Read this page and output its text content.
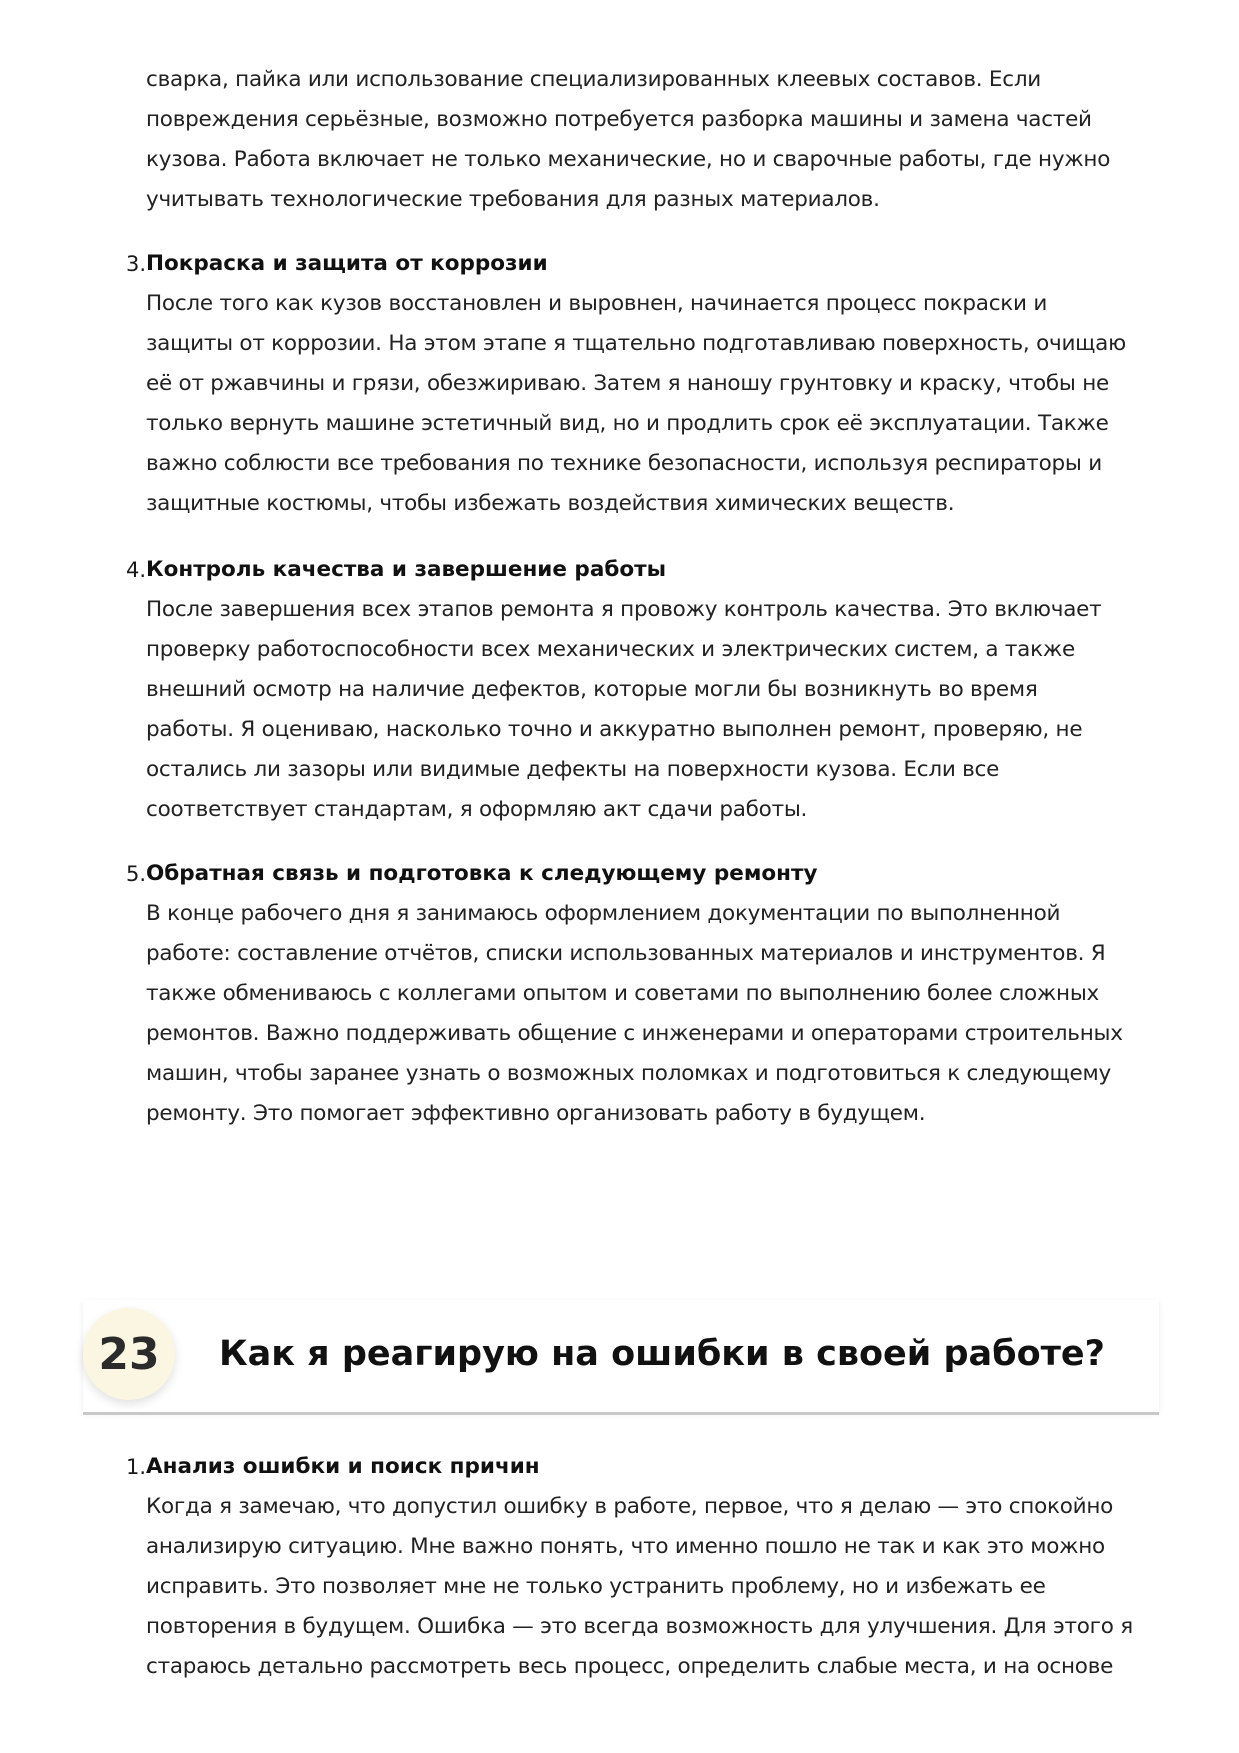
сварка, пайка или использование специализированных клеевых составов. Если
повреждения серьёзные, возможно потребуется разборка машины и замена частей
кузова. Работа включает не только механические, но и сварочные работы, где нужно
учитывать технологические требования для разных материалов.
3. Покраска и защита от коррозии

После того как кузов восстановлен и выровнен, начинается процесс покраски и
защиты от коррозии. На этом этапе я тщательно подготавливаю поверхность, очищаю
её от ржавчины и грязи, обезжириваю. Затем я наношу грунтовку и краску, чтобы не
только вернуть машине эстетичный вид, но и продлить срок её эксплуатации. Также
важно соблюсти все требования по технике безопасности, используя респираторы и
защитные костюмы, чтобы избежать воздействия химических веществ.

4. Контроль качества и завершение работы

После завершения всех этапов ремонта я провожу контроль качества. Это включает
проверку работоспособности всех механических и электрических систем, а также
внешний осмотр на наличие дефектов, которые могли бы возникнуть во время
работы. Я оцениваю, насколько точно и аккуратно выполнен ремонт, проверяю, не
остались ли зазоры или видимые дефекты на поверхности кузова. Если все
соответствует стандартам, я оформляю акт сдачи работы.

5. Обратная связь и подготовка к следующему ремонту

В конце рабочего дня я занимаюсь оформлением документации по выполненной
работе: составление отчётов, списки использованных материалов и инструментов. Я
также обмениваюсь с коллегами опытом и советами по выполнению более сложных
ремонтов. Важно поддерживать общение с инженерами и операторами строительных
машин, чтобы заранее узнать о возможных поломках и подготовиться к следующему
ремонту. Это помогает эффективно организовать работу в будущем.

23	Как я реагирую на ошибки в своей работе?
1. Анализ ошибки и поиск причин

Когда я замечаю, что допустил ошибку в работе, первое, что я делаю — это спокойно
анализирую ситуацию. Мне важно понять, что именно пошло не так и как это можно
исправить. Это позволяет мне не только устранить проблему, но и избежать ее
повторения в будущем. Ошибка — это всегда возможность для улучшения. Для этого я
стараюсь детально рассмотреть весь процесс, определить слабые места, и на основе
